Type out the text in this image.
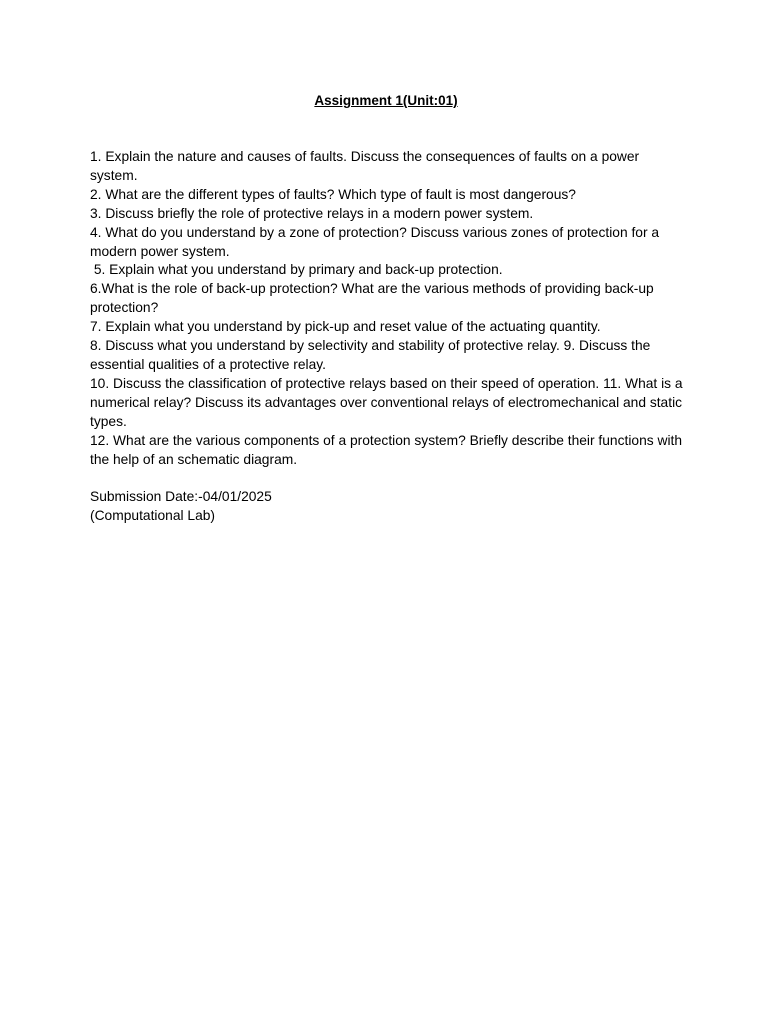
Assignment 1(Unit:01)
1. Explain the nature and causes of faults. Discuss the consequences of faults on a power system.
2. What are the different types of faults? Which type of fault is most dangerous?
3. Discuss briefly the role of protective relays in a modern power system.
4. What do you understand by a zone of protection? Discuss various zones of protection for a modern power system.
5. Explain what you understand by primary and back-up protection.
6.What is the role of back-up protection? What are the various methods of providing back-up protection?
7. Explain what you understand by pick-up and reset value of the actuating quantity.
8. Discuss what you understand by selectivity and stability of protective relay. 9. Discuss the essential qualities of a protective relay.
10. Discuss the classification of protective relays based on their speed of operation. 11. What is a numerical relay? Discuss its advantages over conventional relays of electromechanical and static types.
12. What are the various components of a protection system? Briefly describe their functions with the help of an schematic diagram.
Submission Date:-04/01/2025
(Computational Lab)
